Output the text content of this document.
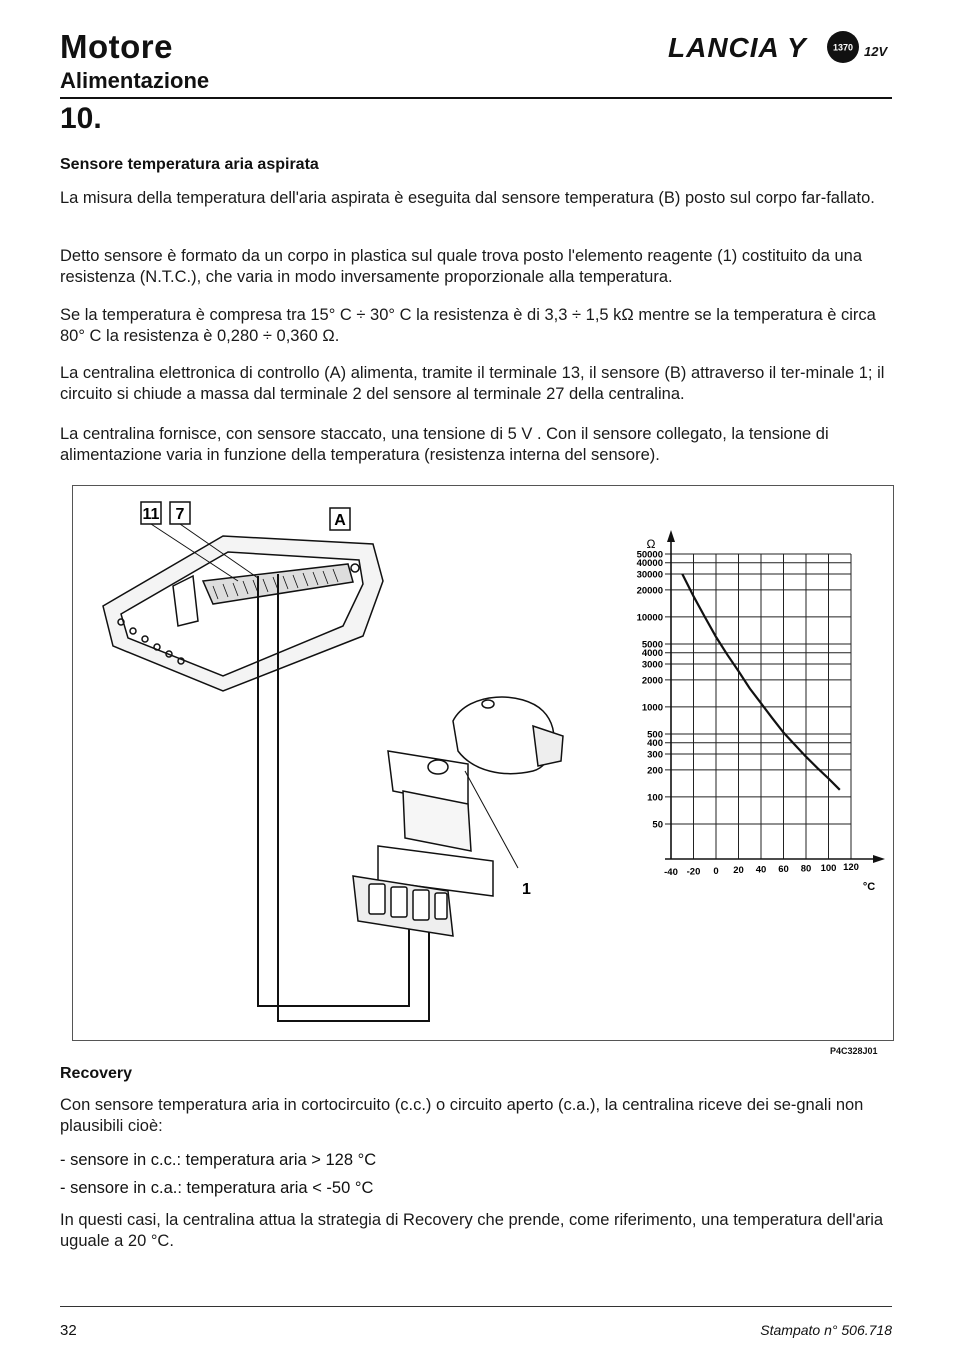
Motore
Alimentazione
LANCIA Y	1370 12V
10.
Sensore temperatura aria aspirata

La misura della temperatura dell'aria aspirata è eseguita dal sensore temperatura (B) posto sul corpo far-fallato.

Detto sensore è formato da un corpo in plastica sul quale trova posto l'elemento reagente (1) costituito da una resistenza (N.T.C.), che varia in modo inversamente proporzionale alla temperatura.

Se la temperatura è compresa tra 15° C ÷ 30° C la resistenza è di 3,3 ÷ 1,5 kΩ mentre se la temperatura è circa 80° C la resistenza è 0,280 ÷ 0,360 Ω.

La centralina elettronica di controllo (A) alimenta, tramite il terminale 13, il sensore (B) attraverso il ter-minale 1; il circuito si chiude a massa dal terminale 2 del sensore al terminale 27 della centralina.

La centralina fornisce, con sensore staccato, una tensione di 5 V . Con il sensore collegato, la tensione di alimentazione varia in funzione della temperatura (resistenza interna del sensore).

11 7	A
1
50000
40000
30000
20000
10000
5000
4000
3000
2000
1000
500
400
300
200
100
50
-40 -20 0 20 40 60 80 100 120
Ω
°C
P4C328J01
Recovery

Con sensore temperatura aria in cortocircuito (c.c.) o circuito aperto (c.a.), la centralina riceve dei se-gnali non plausibili cioè:

- sensore in c.c.: temperatura aria > 128 °C
- sensore in c.a.: temperatura aria < -50 °C

In questi casi, la centralina attua la strategia di Recovery che prende, come riferimento, una temperatura dell'aria uguale a 20 °C.

32	Stampato n° 506.718
